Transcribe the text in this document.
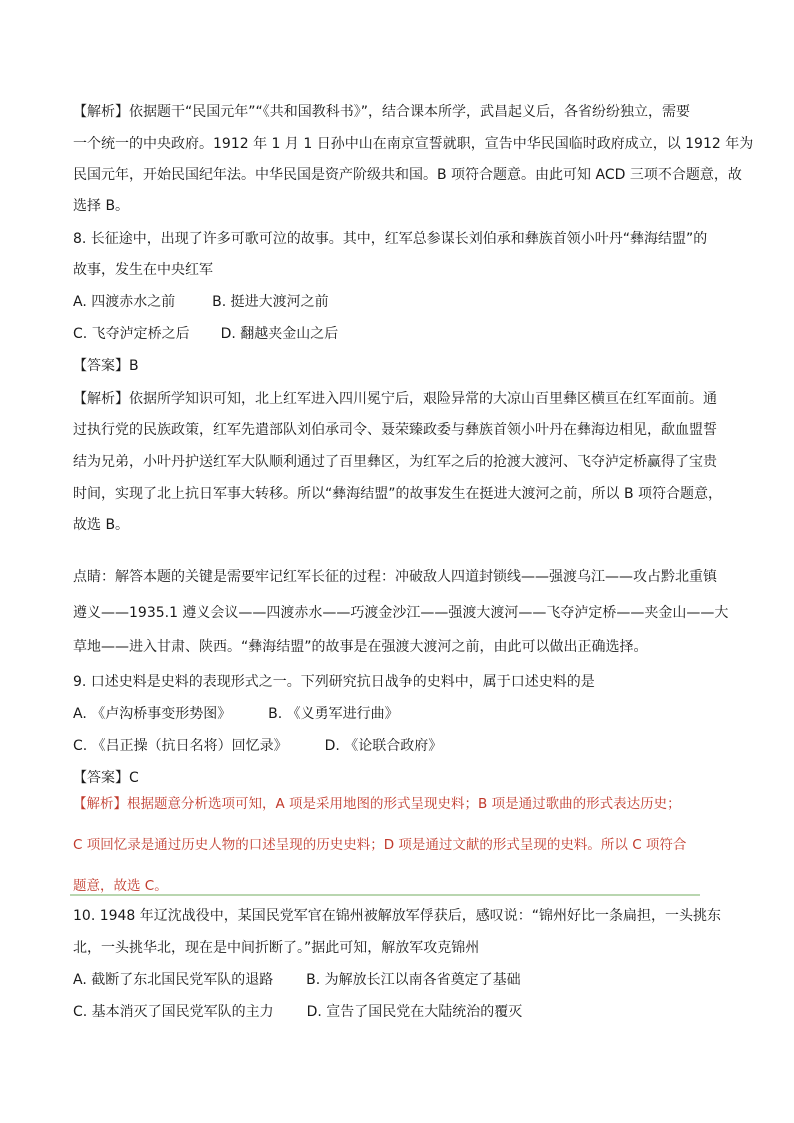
【解析】依据题干“民国元年”“《共和国教科书》”，结合课本所学，武昌起义后，各省纷纷独立，需要
一个统一的中央政府。1912 年 1 月 1 日孙中山在南京宣誓就职，宣告中华民国临时政府成立，以 1912 年为
民国元年，开始民国纪年法。中华民国是资产阶级共和国。B 项符合题意。由此可知 ACD 三项不合题意，故
选择 B。
8. 长征途中，出现了许多可歌可泣的故事。其中，红军总参谋长刘伯承和彝族首领小叶丹“彝海结盟”的
故事，发生在中央红军
A. 四渡赤水之前	B. 挺进大渡河之前
C. 飞夺泸定桥之后 D. 翻越夹金山之后
【答案】B
【解析】依据所学知识可知，北上红军进入四川冕宁后，艰险异常的大凉山百里彝区横亘在红军面前。通
过执行党的民族政策，红军先遣部队刘伯承司令、聂荣臻政委与彝族首领小叶丹在彝海边相见，歃血盟誓
结为兄弟，小叶丹护送红军大队顺利通过了百里彝区，为红军之后的抢渡大渡河、飞夺泸定桥赢得了宝贵
时间，实现了北上抗日军事大转移。所以“彝海结盟”的故事发生在挺进大渡河之前，所以 B 项符合题意，
故选 B。
点睛：解答本题的关键是需要牢记红军长征的过程：冲破敌人四道封锁线——强渡乌江——攻占黔北重镇
遵义——1935.1 遵义会议——四渡赤水——巧渡金沙江——强渡大渡河——飞夺泸定桥——夹金山——大
草地——进入甘肃、陕西。“彝海结盟”的故事是在强渡大渡河之前，由此可以做出正确选择。
9. 口述史料是史料的表现形式之一。下列研究抗日战争的史料中，属于口述史料的是
A. 《卢沟桥事变形势图》	B. 《义勇军进行曲》
C. 《吕正操（抗日名将）回忆录》	D. 《论联合政府》
【答案】C
【解析】根据题意分析选项可知，A 项是采用地图的形式呈现史料；B 项是通过歌曲的形式表达历史；
C 项回忆录是通过历史人物的口述呈现的历史史料；D 项是通过文献的形式呈现的史料。所以 C 项符合
题意，故选 C。
10. 1948 年辽沈战役中，某国民党军官在锦州被解放军俘获后，感叹说：“锦州好比一条扁担，一头挑东
北，一头挑华北，现在是中间折断了。”据此可知，解放军攻克锦州
A. 截断了东北国民党军队的退路 B. 为解放长江以南各省奠定了基础
C. 基本消灭了国民党军队的主力 D. 宣告了国民党在大陆统治的覆灭
